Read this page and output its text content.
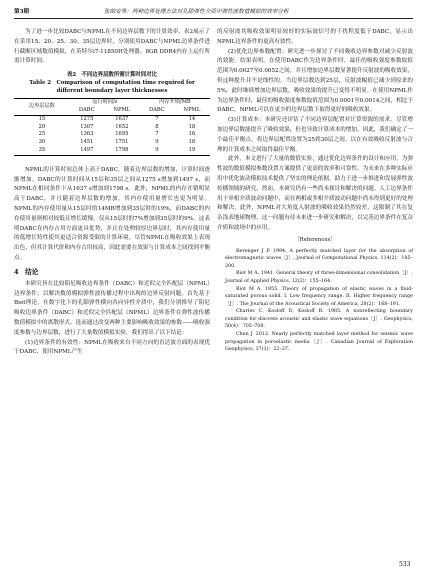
第3期	张劼安等：两种边界处理方法对孔隙弹性介质中弹性波数值模拟的效率分析

为了进一步比较DABC与NPML在不同边界层数下的计算效率，表2展示了在采用15、20、25、30、35层边界时，分别使用DABC与NPML边界条件进行截断区域数值模拟，在英特尔i7-11850H处理器、8GB DDR4内存上运行所需计算时间。

表2　不同边界层数所需计算时间对比
Table 2　Comparison of computation time required for
different boundary layer thicknesses
边界层层数	运行时间/s		内存开销/MB	
	DABC	NPML	DABC	NPML
15	1275	1637	7	14
20	1307	1652	8	18
25	1363	1695	7	16
30	1451	1751	9	18
35	1497	1798	9	19

NPML的计算时间总体上高于DABC，随着边界层数的增加，计算时间逐渐增加。DABC的计算时间从15层和35层之间从1275 s增加到1497 s，而NPML在相同条件下从1637 s增加到1798 s。此外，NPML的内存开销明显高于DABC，并且随着边界层数的增加，其内存使用量增长也更为明显。NPML的内存使用量从15层时的14MB增加到35层时的19%，而DABC的内存使用量则相对较低且增长缓慢，仅从15层时的7%增加到35层时的9%。这表明DABC在内存占用方面更具优势，并且在处理较厚边界层时，其内存使用量的低增长特性使其更适合资源受限的计算环境。尽管NPML在吸收效果上表现出色，但其计算代价和内存占用较高，因此需要在效果与计算成本之间找到平衡点。

4　结论

本研究旨在比较阻尼吸收边界条件（DABC）和近似完全匹配层（NPML）边界条件，以解决数值模拟弹性波传播过程中出现的边界反射问题。首先基于Biot理论，在数字化下的孔隙弹性横向各向异性介质中，我们分别推导了阻尼吸收边界条件（DABC）和近似完全匹配层（NPML）边界条件在弹性波传播数值模拟中的离散形式。选而通过改变两种主要影响吸收效果的参数——吸收强度参数与边界层数，进行了大量数值模拟实验，我们得出了以下结论：

(1)边界条件的有效性：NPML在吸收来自不同方向的直达波方面的表现优于DABC，使用NPML产生

的反射波其吸收效果明显较好的实际波信号的干扰程度低于DABC，显示出NPML边界条件的更高有效性。

(2)优化边界参数配置：研究进一步探讨了不同吸收边界参数对减少反射波的效能。结果表明，在使用DABC作为边界条件时，最佳的吸收强度参数取值范围为0.0027至0.0052之间，并且增加边界层数显著提升反射波的吸收效果，但这种提升并不是线性的。当边界层数达到25层，反射波幅值已减少到原来的5%，此时继续增加边界层数，吸收效果的提升已变得不明显。在使用NPML作为边界条件时，最佳的吸收强度参数取值范围为0.0001至0.0014之间，相比于DABC，NPML可以在更少的边界层数下取得更好的吸收效果。

(3)计算成本：本研究还评估了不同边界层配置对计算资源的需求。尽管增加边界层数能提升了吸收效果，但也导致计算成本的增加。因此，我们确定了一个最佳平衡点，将边界层配置设置为25到30层之间，以在有效吸收反射波与合理的计算成本之间取得最佳平衡。

此外，本文进行了大量的数值实验，通过优化边界条件的设计和应用，为弹性波的数值模拟参数设置方案提供了更高的效率和可靠性。为未来在多种实际应用中优化波动模拟技术提供了坚实的理论依据，助力于进一步推进和发展弹性波传播领域的研究。然而，本研究仍有一些尚未探讨和解决的问题。人工边界条件用于单相介质波动问题中，而在两相或多相介质波动问题中尚未得到更好的处理和解决。此外，NPML对大角度入射波的吸收效果仍然较差，这限制了其在复杂浅表地球物理。这一问题有待未来进一步研究和解决，以完善边界条件在复杂介质和波场中的应用。

［References］

Berenger J P. 1994. A perfectly matched layer for the absorption of electromagnetic waves［J］. Journal of Computational Physics, 114(2)：185–200.

Biot M A. 1941. General theory of three-dimensional consolidation［J］. Journal of Applied Physics, 12(2)：155–164.

Biot M A. 1955. Theory of propagation of elastic waves in a fluid-saturated porous solid. I. Low frequency range. II. Higher frequency range［J］. The Journal of the Acoustical Society of America, 28(2)：168–191.

Charles C, Kosloff D, Kosloff R. 1985. A nonreflecting boundary condition for discrete acoustic and elastic wave equations［J］. Geophysics, 50(4)：705–708.

Chen J. 2012. Nearly perfectly matched layer method for seismic wave propagation in poroelastic media［J］. Canadian Journal of Exploration Geophysics, 37(1)：22–27.

533
